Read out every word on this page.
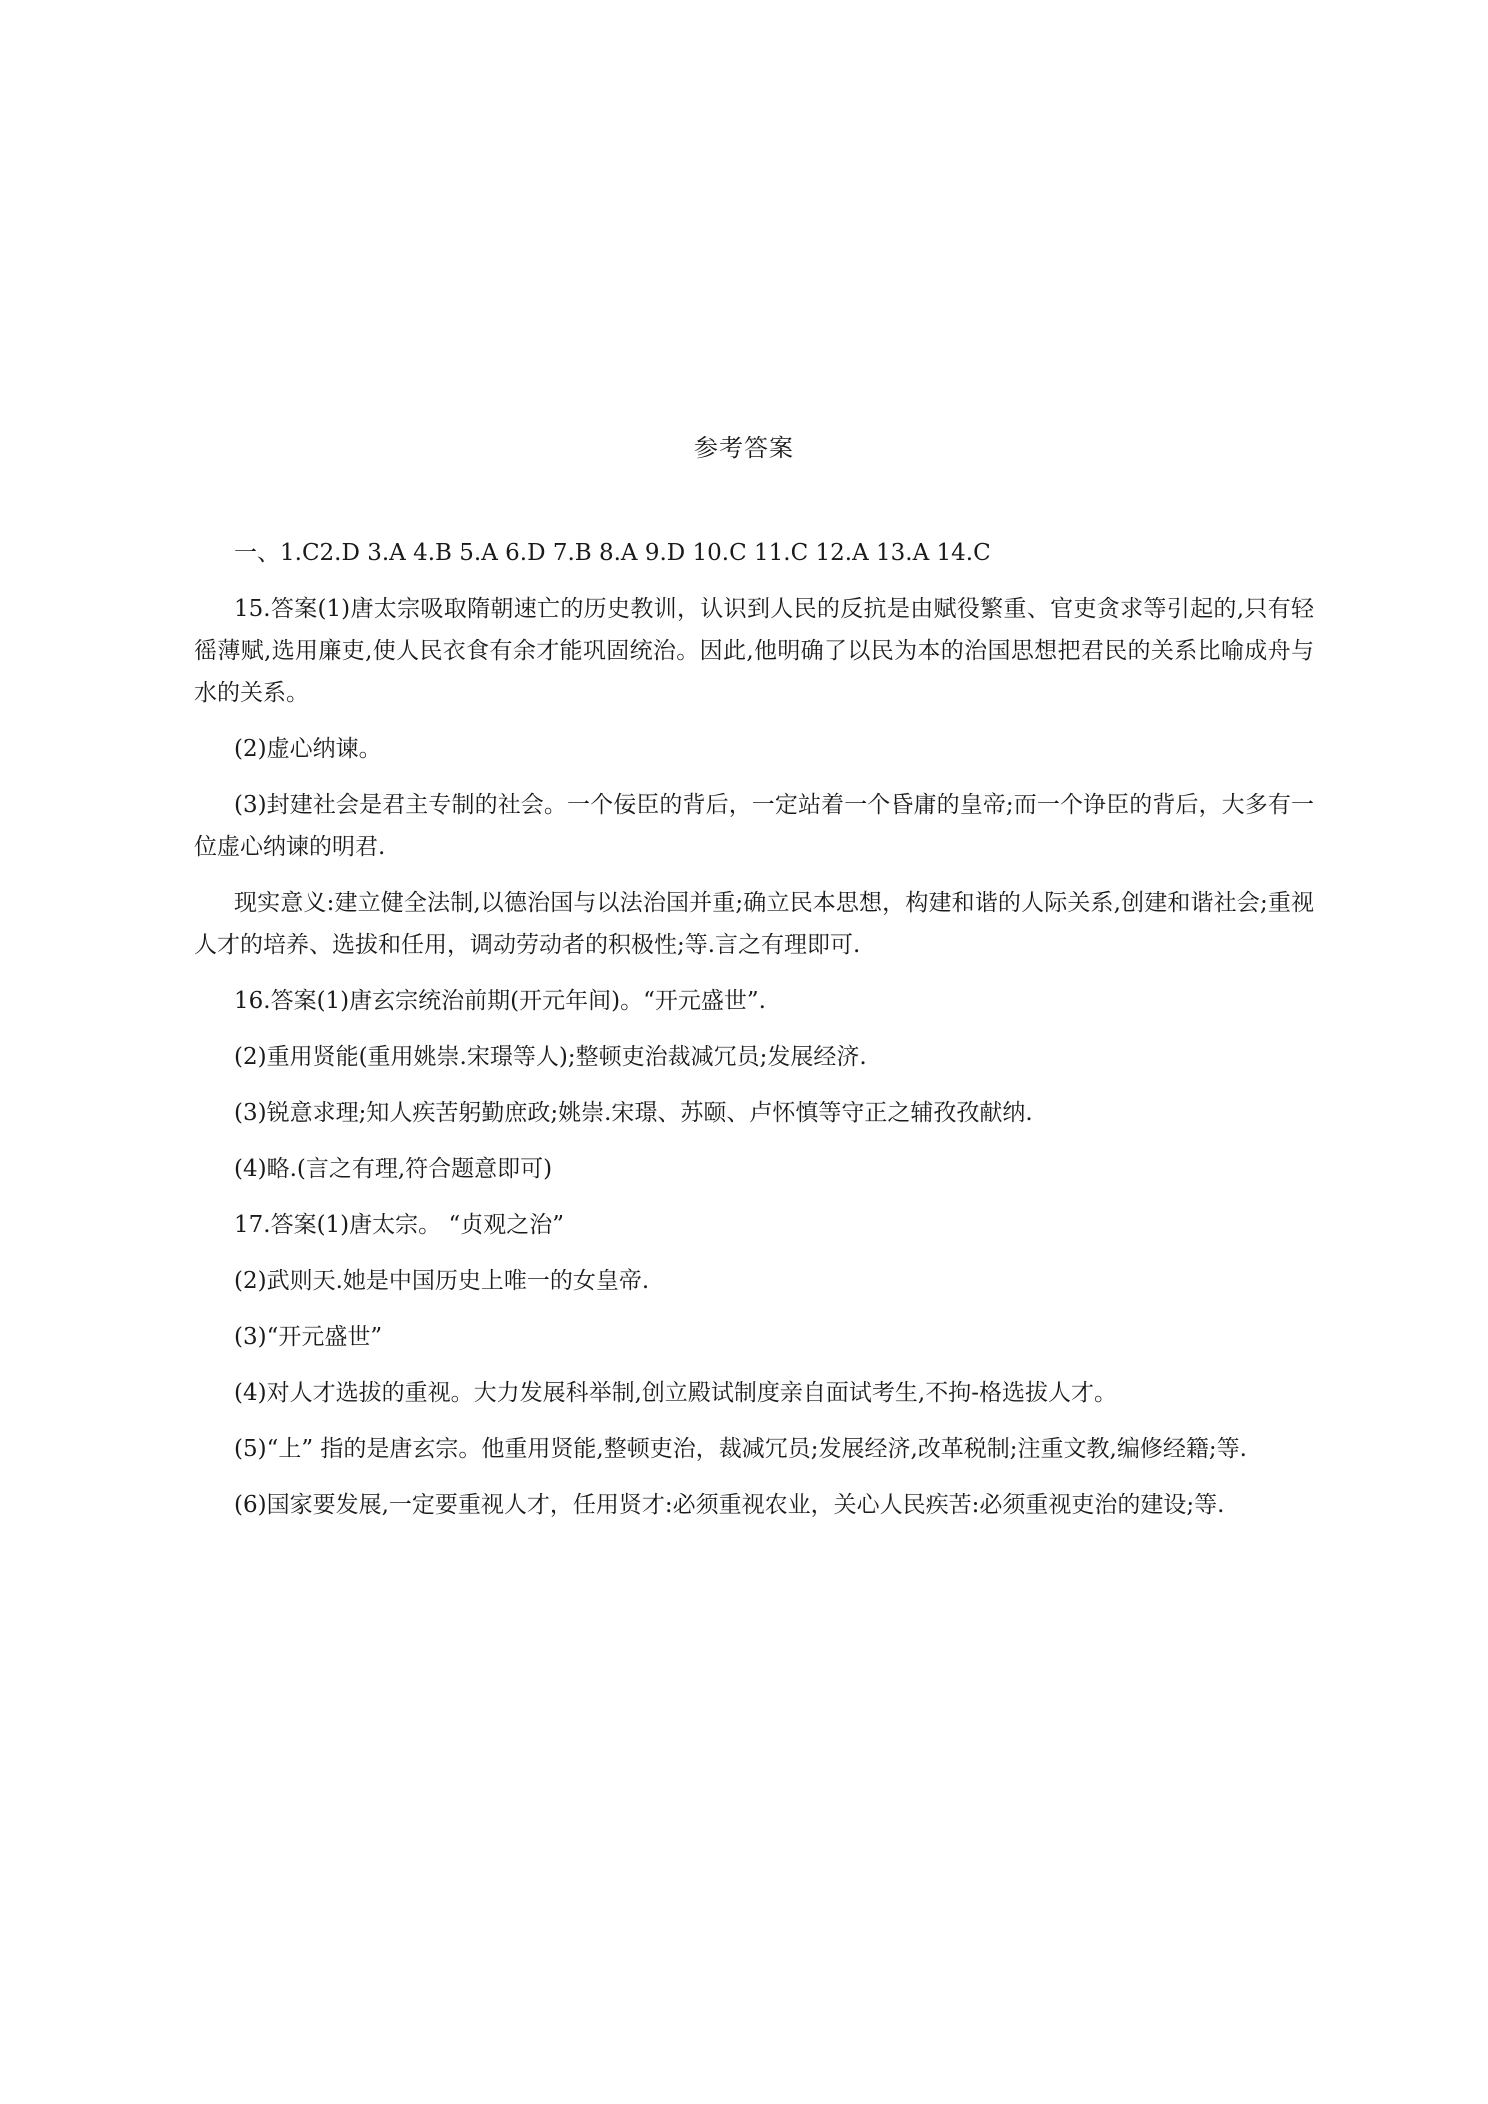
参考答案

一、1.C2.D 3.A 4.B 5.A 6.D 7.B 8.A 9.D 10.C 11.C 12.A 13.A 14.C

15.答案(1)唐太宗吸取隋朝速亡的历史教训，认识到人民的反抗是由赋役繁重、官吏贪求等引起的,只有轻徭薄赋,选用廉吏,使人民衣食有余才能巩固统治。因此,他明确了以民为本的治国思想把君民的关系比喻成舟与水的关系。

(2)虚心纳谏。

(3)封建社会是君主专制的社会。一个佞臣的背后，一定站着一个昏庸的皇帝;而一个诤臣的背后，大多有一位虚心纳谏的明君.

现实意义:建立健全法制,以德治国与以法治国并重;确立民本思想，构建和谐的人际关系,创建和谐社会;重视人才的培养、选拔和任用，调动劳动者的积极性;等.言之有理即可.

16.答案(1)唐玄宗统治前期(开元年间)。“开元盛世”.

(2)重用贤能(重用姚崇.宋璟等人);整顿吏治裁减冗员;发展经济.

(3)锐意求理;知人疾苦躬勤庶政;姚崇.宋璟、苏颐、卢怀慎等守正之辅孜孜献纳.

(4)略.(言之有理,符合题意即可)

17.答案(1)唐太宗。 “贞观之治”

(2)武则天.她是中国历史上唯一的女皇帝.

(3)“开元盛世”

(4)对人才选拔的重视。大力发展科举制,创立殿试制度亲自面试考生,不拘-格选拔人才。

(5)“上” 指的是唐玄宗。他重用贤能,整顿吏治，裁减冗员;发展经济,改革税制;注重文教,编修经籍;等.

(6)国家要发展,一定要重视人才，任用贤才:必须重视农业，关心人民疾苦:必须重视吏治的建设;等.
